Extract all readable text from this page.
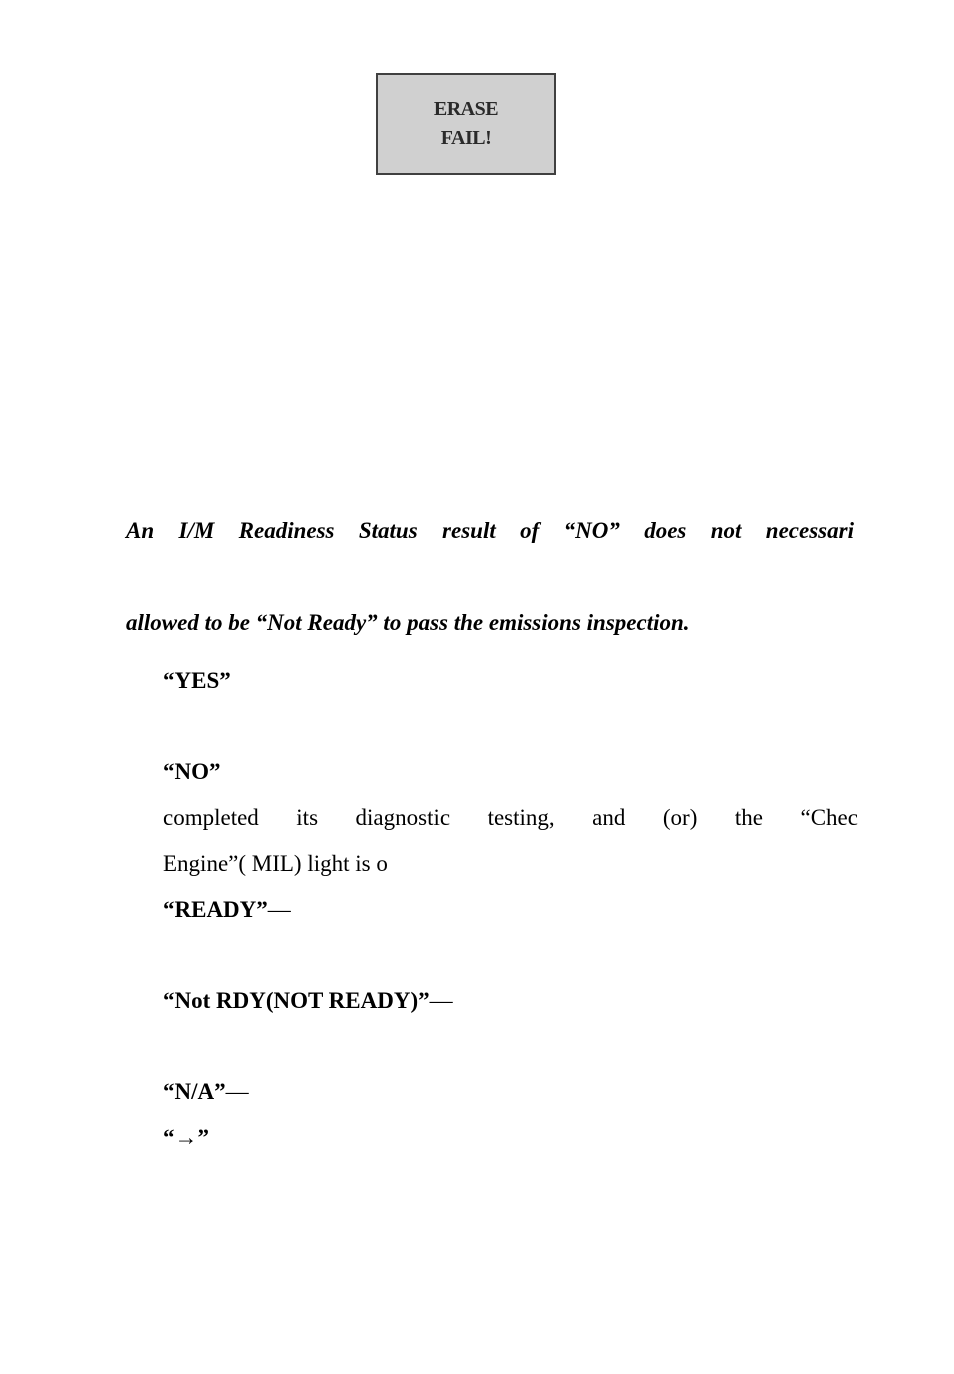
ERASE
FAIL!
An I/M Readiness Status result of “NO” does not necessari
allowed to be “Not Ready” to pass the emissions inspection.
“YES”
“NO”
completed its diagnostic testing, and (or) the “Chec
Engine”( MIL) light is o
“READY”—
“Not RDY(NOT READY)”—
“N/A”—
“→”
